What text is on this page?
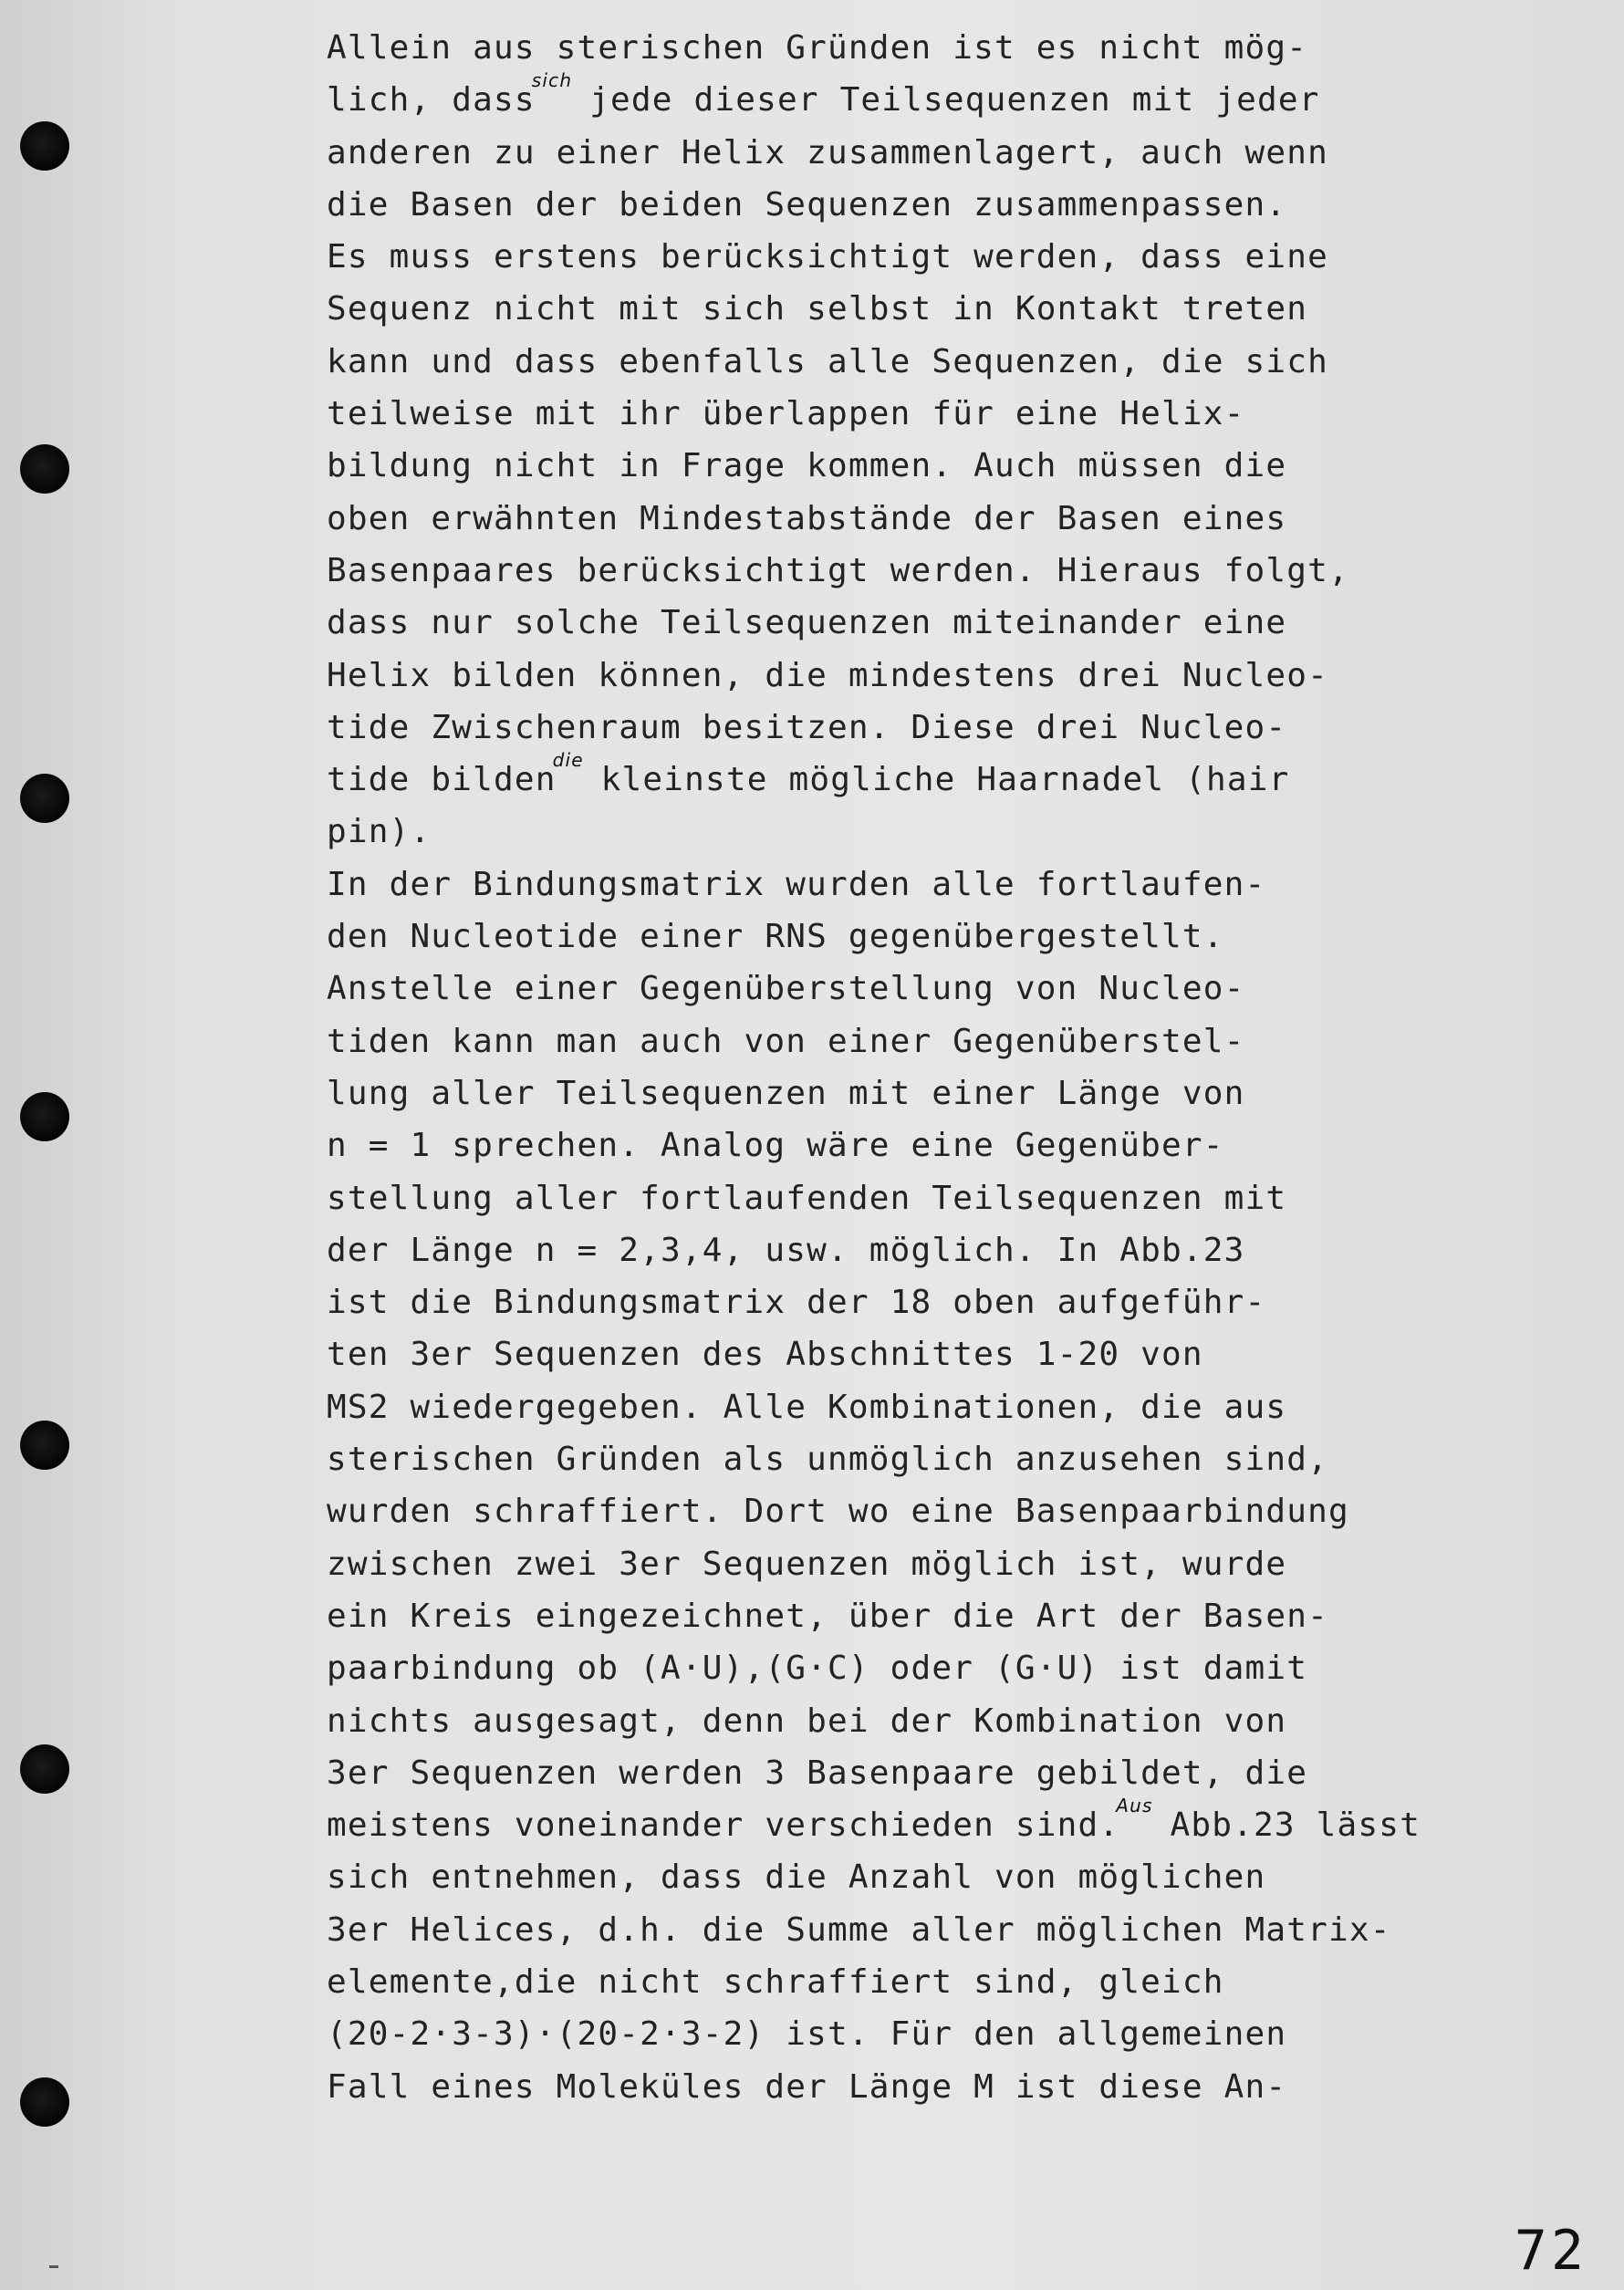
Allein aus sterischen Gründen ist es nicht mög-
lich, dass$^{sich}$ jede dieser Teilsequenzen mit jeder
anderen zu einer Helix zusammenlagert, auch wenn
die Basen der beiden Sequenzen zusammenpassen.
Es muss erstens berücksichtigt werden, dass eine
Sequenz nicht mit sich selbst in Kontakt treten
kann und dass ebenfalls alle Sequenzen, die sich
teilweise mit ihr überlappen für eine Helix-
bildung nicht in Frage kommen. Auch müssen die
oben erwähnten Mindestabstände der Basen eines
Basenpaares berücksichtigt werden. Hieraus folgt,
dass nur solche Teilsequenzen miteinander eine
Helix bilden können, die mindestens drei Nucleo-
tide Zwischenraum besitzen. Diese drei Nucleo-
tide bilden$^{die}$ kleinste mögliche Haarnadel (hair
pin).
In der Bindungsmatrix wurden alle fortlaufen-
den Nucleotide einer RNS gegenübergestellt.
Anstelle einer Gegenüberstellung von Nucleo-
tiden kann man auch von einer Gegenüberstel-
lung aller Teilsequenzen mit einer Länge von
n = 1 sprechen. Analog wäre eine Gegenüber-
stellung aller fortlaufenden Teilsequenzen mit
der Länge n = 2,3,4, usw. möglich. In Abb.23
ist die Bindungsmatrix der 18 oben aufgeführ-
ten 3er Sequenzen des Abschnittes 1-20 von
MS2 wiedergegeben. Alle Kombinationen, die aus
sterischen Gründen als unmöglich anzusehen sind,
wurden schraffiert. Dort wo eine Basenpaarbindung
zwischen zwei 3er Sequenzen möglich ist, wurde
ein Kreis eingezeichnet, über die Art der Basen-
paarbindung ob (A·U),(G·C) oder (G·U) ist damit
nichts ausgesagt, denn bei der Kombination von
3er Sequenzen werden 3 Basenpaare gebildet, die
meistens voneinander verschieden sind.$^{Aus}$ Abb.23 lässt
sich entnehmen, dass die Anzahl von möglichen
3er Helices, d.h. die Summe aller möglichen Matrix-
elemente,die nicht schraffiert sind, gleich
(20-2·3-3)·(20-2·3-2) ist. Für den allgemeinen
Fall eines Moleküles der Länge M ist diese An-
72
